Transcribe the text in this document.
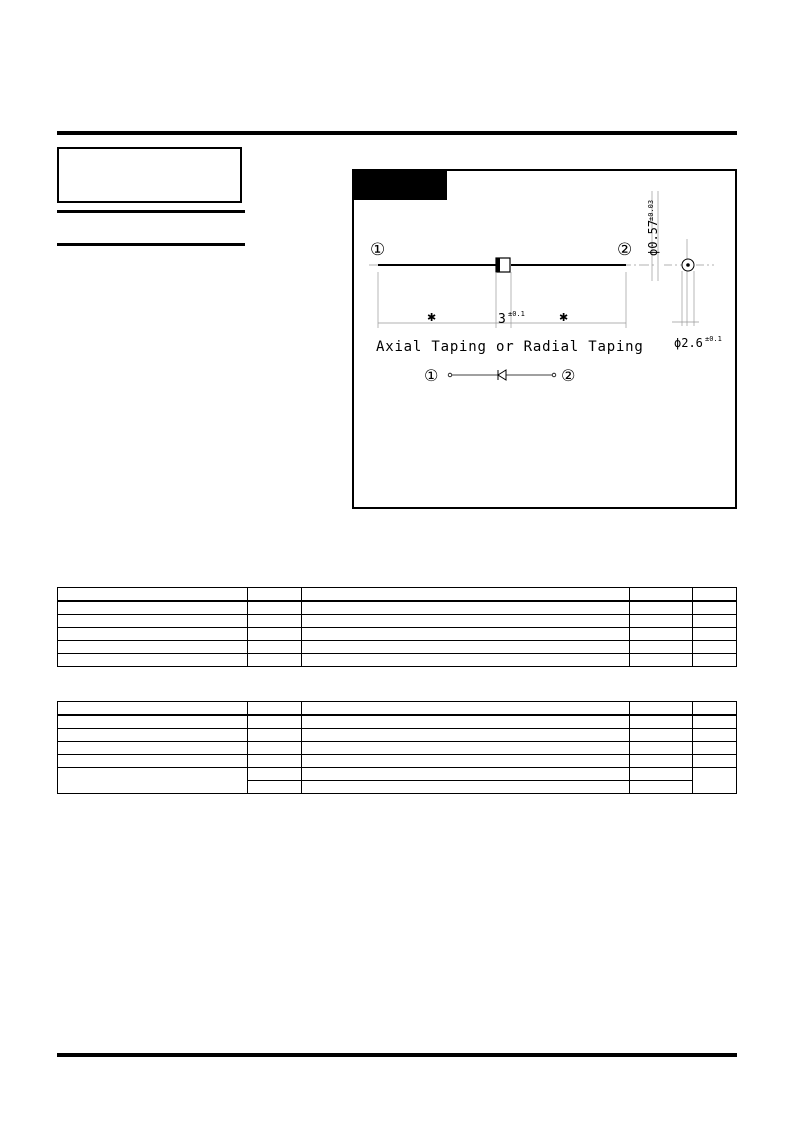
①	② ϕ0.57
±0.03
ϕ2.6 ±0.1
✱	✱
3 ±0.1
Axial Taping or Radial Taping
①	②
